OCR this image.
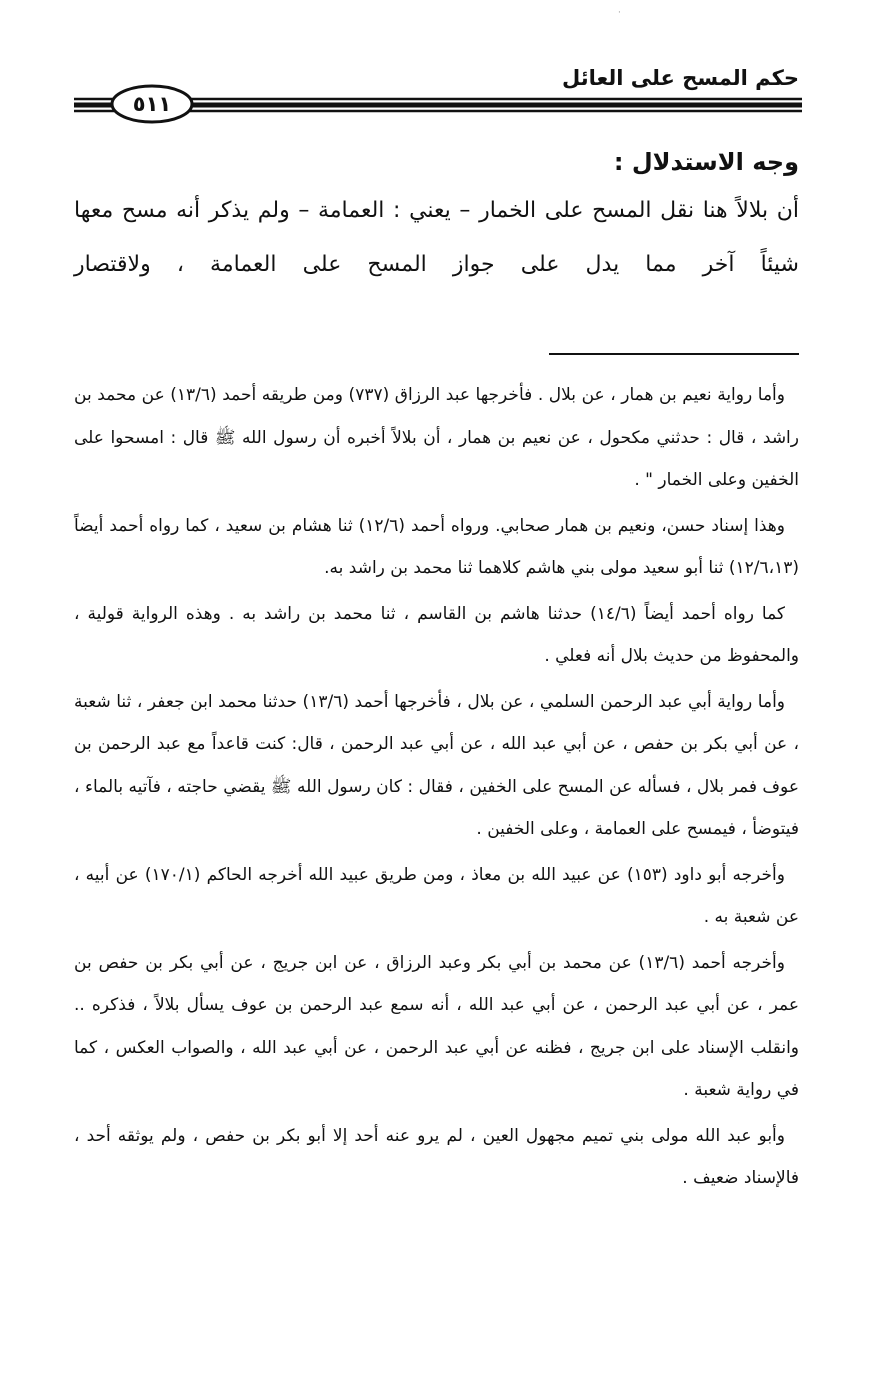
·
حكم المسح على العائل
٥١١
وجه الاستدلال :

أن بلالاً هنا نقل المسح على الخمار – يعني : العمامة – ولم يذكر أنه مسح معها شيئاً آخر مما يدل على جواز المسح على العمامة ، ولاقتصار

وأما رواية نعيم بن همار ، عن بلال . فأخرجها عبد الرزاق (٧٣٧) ومن طريقه أحمد (١٣/٦) عن محمد بن راشد ، قال : حدثني مكحول ، عن نعيم بن همار ، أن بلالاً أخبره أن رسول الله ﷺ قال : امسحوا على الخفين وعلى الخمار " .

وهذا إسناد حسن، ونعيم بن همار صحابي. ورواه أحمد (١٢/٦) ثنا هشام بن سعيد ، كما رواه أحمد أيضاً (١٢/٦،١٣) ثنا أبو سعيد مولى بني هاشم كلاهما ثنا محمد بن راشد به.

كما رواه أحمد أيضاً (١٤/٦) حدثنا هاشم بن القاسم ، ثنا محمد بن راشد به . وهذه الرواية قولية ، والمحفوظ من حديث بلال أنه فعلي .

وأما رواية أبي عبد الرحمن السلمي ، عن بلال ، فأخرجها أحمد (١٣/٦) حدثنا محمد ابن جعفر ، ثنا شعبة ، عن أبي بكر بن حفص ، عن أبي عبد الله ، عن أبي عبد الرحمن ، قال: كنت قاعداً مع عبد الرحمن بن عوف فمر بلال ، فسأله عن المسح على الخفين ، فقال : كان رسول الله ﷺ يقضي حاجته ، فآتيه بالماء ، فيتوضأ ، فيمسح على العمامة ، وعلى الخفين .

وأخرجه أبو داود (١٥٣) عن عبيد الله بن معاذ ، ومن طريق عبيد الله أخرجه الحاكم (١٧٠/١) عن أبيه ، عن شعبة به .

وأخرجه أحمد (١٣/٦) عن محمد بن أبي بكر وعبد الرزاق ، عن ابن جريج ، عن أبي بكر بن حفص بن عمر ، عن أبي عبد الرحمن ، عن أبي عبد الله ، أنه سمع عبد الرحمن بن عوف يسأل بلالاً ، فذكره .. وانقلب الإسناد على ابن جريج ، فظنه عن أبي عبد الرحمن ، عن أبي عبد الله ، والصواب العكس ، كما في رواية شعبة .

وأبو عبد الله مولى بني تميم مجهول العين ، لم يرو عنه أحد إلا أبو بكر بن حفص ، ولم يوثقه أحد ، فالإسناد ضعيف .
